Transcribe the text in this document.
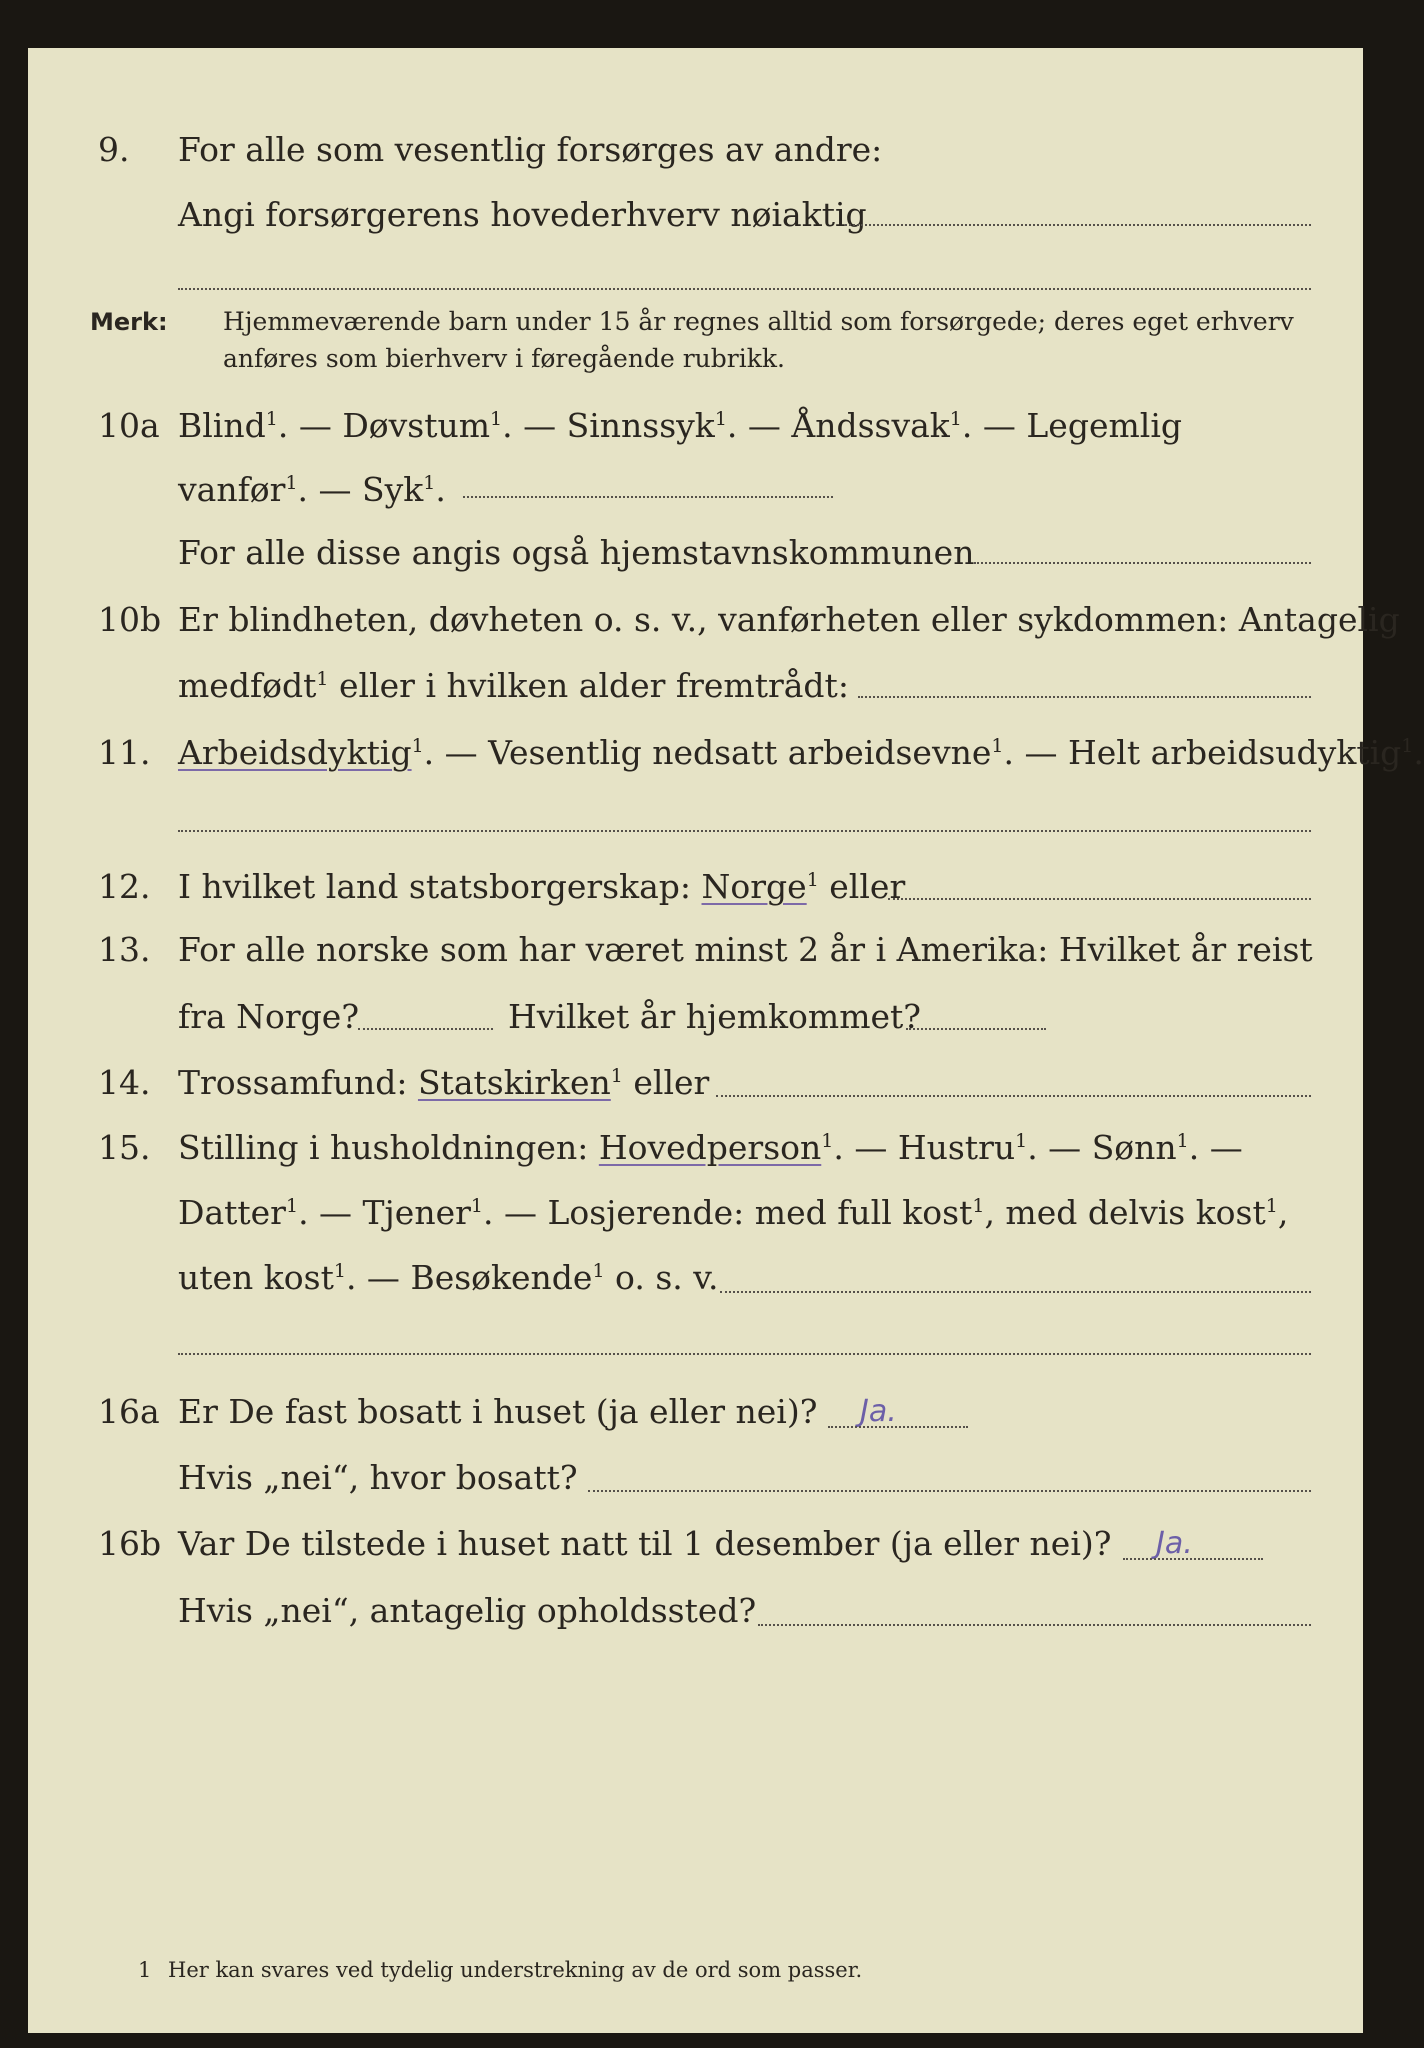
9. For alle som vesentlig forsørges av andre:
Angi forsørgerens hovederhverv nøiaktig
Merk: Hjemmeværende barn under 15 år regnes alltid som forsørgede; deres eget erhverv
anføres som bierhverv i føregående rubrikk.
10a Blind$^1$. — Døvstum$^1$. — Sinnssyk$^1$. — Åndssvak$^1$. — Legemlig
vanfør$^1$. — Syk$^1$.
For alle disse angis også hjemstavnskommunen
10b Er blindheten, døvheten o. s. v., vanførheten eller sykdommen: Antagelig
medfødt$^1$ eller i hvilken alder fremtrådt:
11. Arbeidsdyktig$^1$. — Vesentlig nedsatt arbeidsevne$^1$. — Helt arbeidsudyktig$^1$.
12. I hvilket land statsborgerskap: Norge$^1$ eller
13. For alle norske som har været minst 2 år i Amerika: Hvilket år reist
fra Norge?	Hvilket år hjemkommet?
14. Trossamfund: Statskirken$^1$ eller
15. Stilling i husholdningen: Hovedperson$^1$. — Hustru$^1$. — Sønn$^1$. —
Datter$^1$. — Tjener$^1$. — Losjerende: med full kost$^1$, med delvis kost$^1$,
uten kost$^1$. — Besøkende$^1$ o. s. v.
16a Er De fast bosatt i huset (ja eller nei)? Ja.
Hvis „nei“, hvor bosatt?
16b Var De tilstede i huset natt til 1 desember (ja eller nei)? Ja.
Hvis „nei“, antagelig opholdssted?
1 Her kan svares ved tydelig understrekning av de ord som passer.
